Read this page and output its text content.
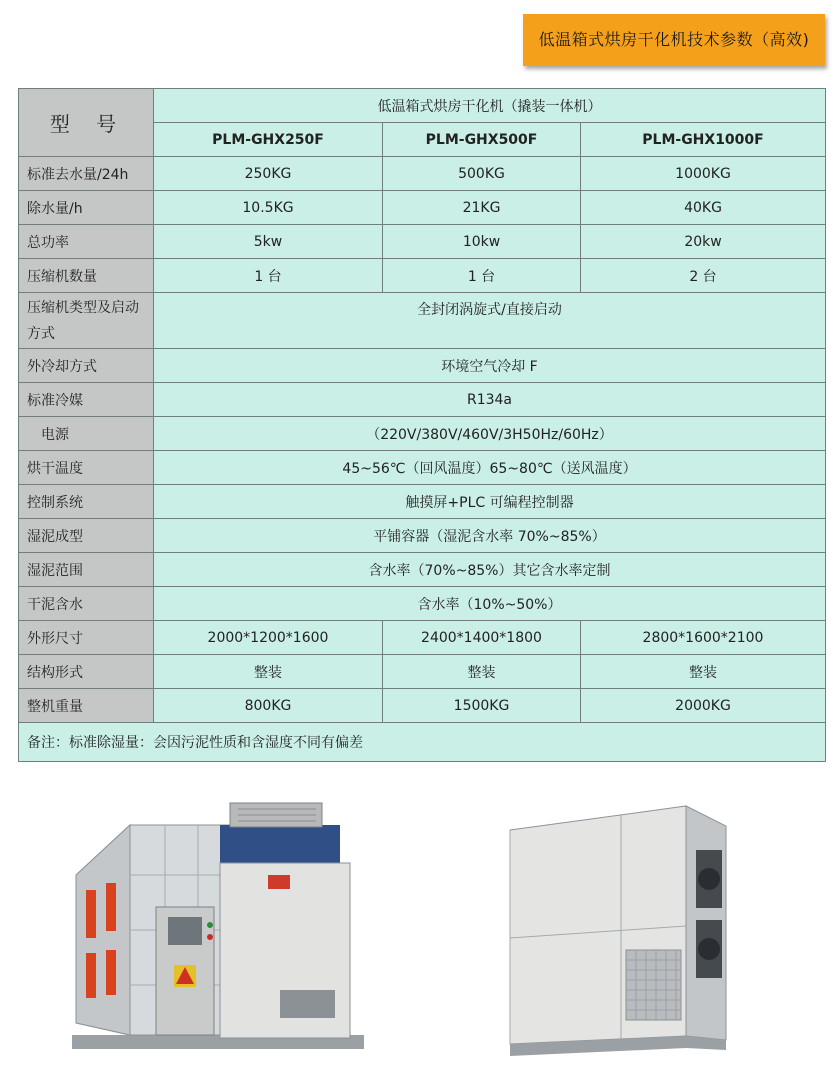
低温箱式烘房干化机技术参数（高效)
型 号	低温箱式烘房干化机（撬装一体机）		
	PLM-GHX250F	PLM-GHX500F	PLM-GHX1000F
标准去水量/24h	250KG	500KG	1000KG
除水量/h	10.5KG	21KG	40KG
总功率	5kw	10kw	20kw
压缩机数量	1 台	1 台	2 台
压缩机类型及启动方式	全封闭涡旋式/直接启动		
外冷却方式	环境空气冷却 F		
标准冷媒	R134a		
电源	（220V/380V/460V/3H50Hz/60Hz）		
烘干温度	45~56℃（回风温度）65~80℃（送风温度）		
控制系统	触摸屏+PLC 可编程控制器		
湿泥成型	平铺容器（湿泥含水率 70%~85%）		
湿泥范围	含水率（70%~85%）其它含水率定制		
干泥含水	含水率（10%~50%）		
外形尺寸	2000*1200*1600	2400*1400*1800	2800*1600*2100
结构形式	整装	整装	整装
整机重量	800KG	1500KG	2000KG
备注：标准除湿量：会因污泥性质和含湿度不同有偏差			
